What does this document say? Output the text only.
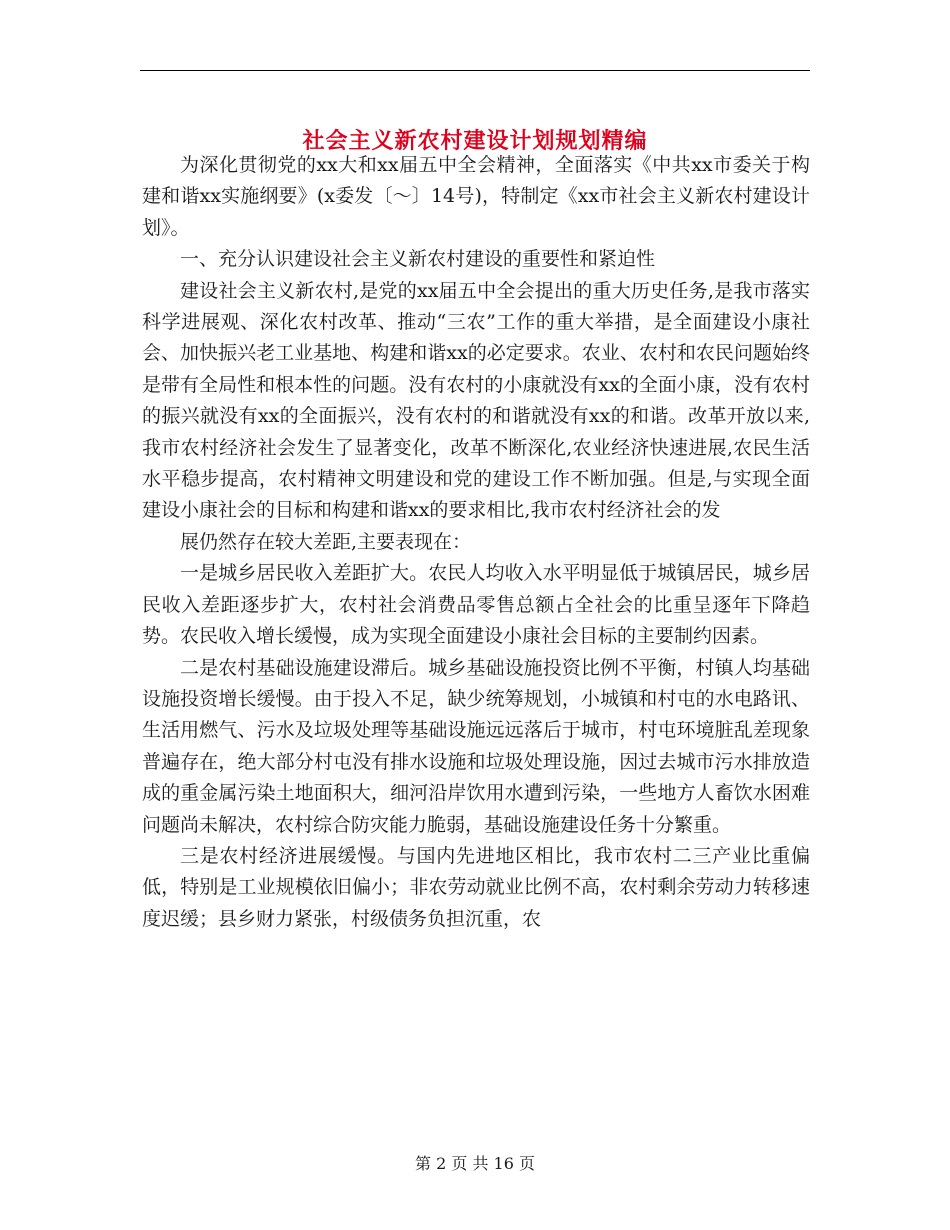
社会主义新农村建设计划规划精编

为深化贯彻党的xx大和xx届五中全会精神，全面落实《中共xx市委关于构建和谐xx实施纲要》(x委发〔～〕14号)，特制定《xx市社会主义新农村建设计划》。

一、充分认识建设社会主义新农村建设的重要性和紧迫性

建设社会主义新农村,是党的xx届五中全会提出的重大历史任务,是我市落实科学进展观、深化农村改革、推动“三农”工作的重大举措，是全面建设小康社会、加快振兴老工业基地、构建和谐xx的必定要求。农业、农村和农民问题始终是带有全局性和根本性的问题。没有农村的小康就没有xx的全面小康，没有农村的振兴就没有xx的全面振兴，没有农村的和谐就没有xx的和谐。改革开放以来,我市农村经济社会发生了显著变化，改革不断深化,农业经济快速进展,农民生活水平稳步提高，农村精神文明建设和党的建设工作不断加强。但是,与实现全面建设小康社会的目标和构建和谐xx的要求相比,我市农村经济社会的发

展仍然存在较大差距,主要表现在：

一是城乡居民收入差距扩大。农民人均收入水平明显低于城镇居民，城乡居民收入差距逐步扩大，农村社会消费品零售总额占全社会的比重呈逐年下降趋势。农民收入增长缓慢，成为实现全面建设小康社会目标的主要制约因素。

二是农村基础设施建设滞后。城乡基础设施投资比例不平衡，村镇人均基础设施投资增长缓慢。由于投入不足，缺少统筹规划，小城镇和村屯的水电路讯、生活用燃气、污水及垃圾处理等基础设施远远落后于城市，村屯环境脏乱差现象普遍存在，绝大部分村屯没有排水设施和垃圾处理设施，因过去城市污水排放造成的重金属污染土地面积大，细河沿岸饮用水遭到污染，一些地方人畜饮水困难问题尚未解决，农村综合防灾能力脆弱，基础设施建设任务十分繁重。

三是农村经济进展缓慢。与国内先进地区相比，我市农村二三产业比重偏低，特别是工业规模依旧偏小；非农劳动就业比例不高，农村剩余劳动力转移速度迟缓；县乡财力紧张，村级债务负担沉重，农

第 2 页 共 16 页
